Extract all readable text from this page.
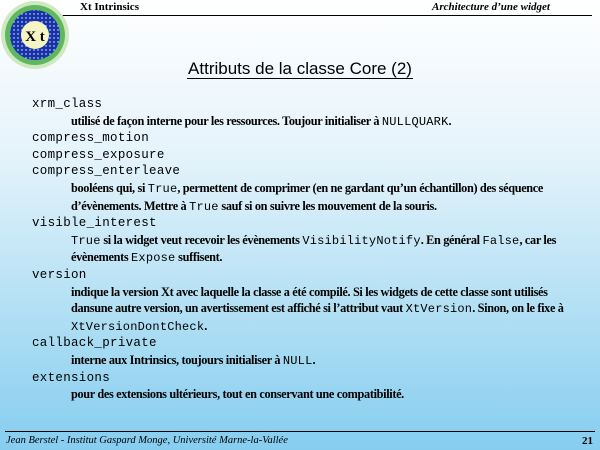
Xt Intrinsics	Architecture d’une widget
X t
Attributs de la classe Core (2)
xrm_class
utilisé de façon interne pour les ressources. Toujour initialiser à NULLQUARK.
compress_motion
compress_exposure
compress_enterleave
booléens qui, si True, permettent de comprimer (en ne gardant qu’un échantillon) des séquence d’évènements. Mettre à True sauf si on suivre les mouvement de la souris.
visible_interest
True si la widget veut recevoir les évènements VisibilityNotify. En général False, car les évènements Expose suffisent.
version
indique la version Xt avec laquelle la classe a été compilé. Si les widgets de cette classe sont utilisés dansune autre version, un avertissement est affiché si l’attribut vaut XtVersion. Sinon, on le fixe à XtVersionDontCheck.
callback_private
interne aux Intrinsics, toujours initialiser à NULL.
extensions
pour des extensions ultérieurs, tout en conservant une compatibilité.
Jean Berstel - Institut Gaspard Monge, Université Marne-la-Vallée	21
